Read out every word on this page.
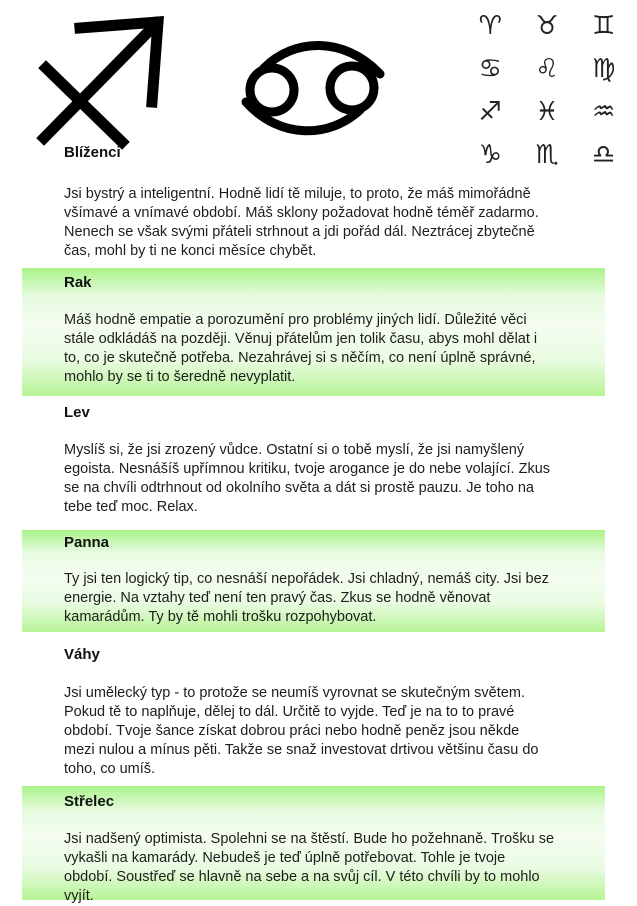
♈ ♉ ♊
♋ ♌ ♍
♐ ♓ ♒
♑ ♏ ♎
Blíženci

Jsi bystrý a inteligentní. Hodně lidí tě miluje, to proto, že máš mimořádně
všímavé a vnímavé období. Máš sklony požadovat hodně téměř zadarmo.
Nenech se však svými přáteli strhnout a jdi pořád dál. Neztrácej zbytečně
čas, mohl by ti ne konci měsíce chybět.

Rak

Máš hodně empatie a porozumění pro problémy jiných lidí. Důležité věci
stále odkládáš na později. Věnuj přátelům jen tolik času, abys mohl dělat i
to, co je skutečně potřeba. Nezahrávej si s něčím, co není úplně správné,
mohlo by se ti to šeredně nevyplatit.

Lev

Myslíš si, že jsi zrozený vůdce. Ostatní si o tobě myslí, že jsi namyšlený
egoista. Nesnášíš upřímnou kritiku, tvoje arogance je do nebe volající. Zkus
se na chvíli odtrhnout od okolního světa a dát si prostě pauzu. Je toho na
tebe teď moc. Relax.

Panna

Ty jsi ten logický tip, co nesnáší nepořádek. Jsi chladný, nemáš city. Jsi bez
energie. Na vztahy teď není ten pravý čas. Zkus se hodně věnovat
kamarádům. Ty by tě mohli trošku rozpohybovat.

Váhy

Jsi umělecký typ - to protože se neumíš vyrovnat se skutečným světem.
Pokud tě to naplňuje, dělej to dál. Určitě to vyjde. Teď je na to to pravé
období. Tvoje šance získat dobrou práci nebo hodně peněz jsou někde
mezi nulou a mínus pěti. Takže se snaž investovat drtivou většinu času do
toho, co umíš.

Střelec

Jsi nadšený optimista. Spolehni se na štěstí. Bude ho požehnaně. Trošku se
vykašli na kamarády. Nebudeš je teď úplně potřebovat. Tohle je tvoje
období. Soustřeď se hlavně na sebe a na svůj cíl. V této chvíli by to mohlo
vyjít.
